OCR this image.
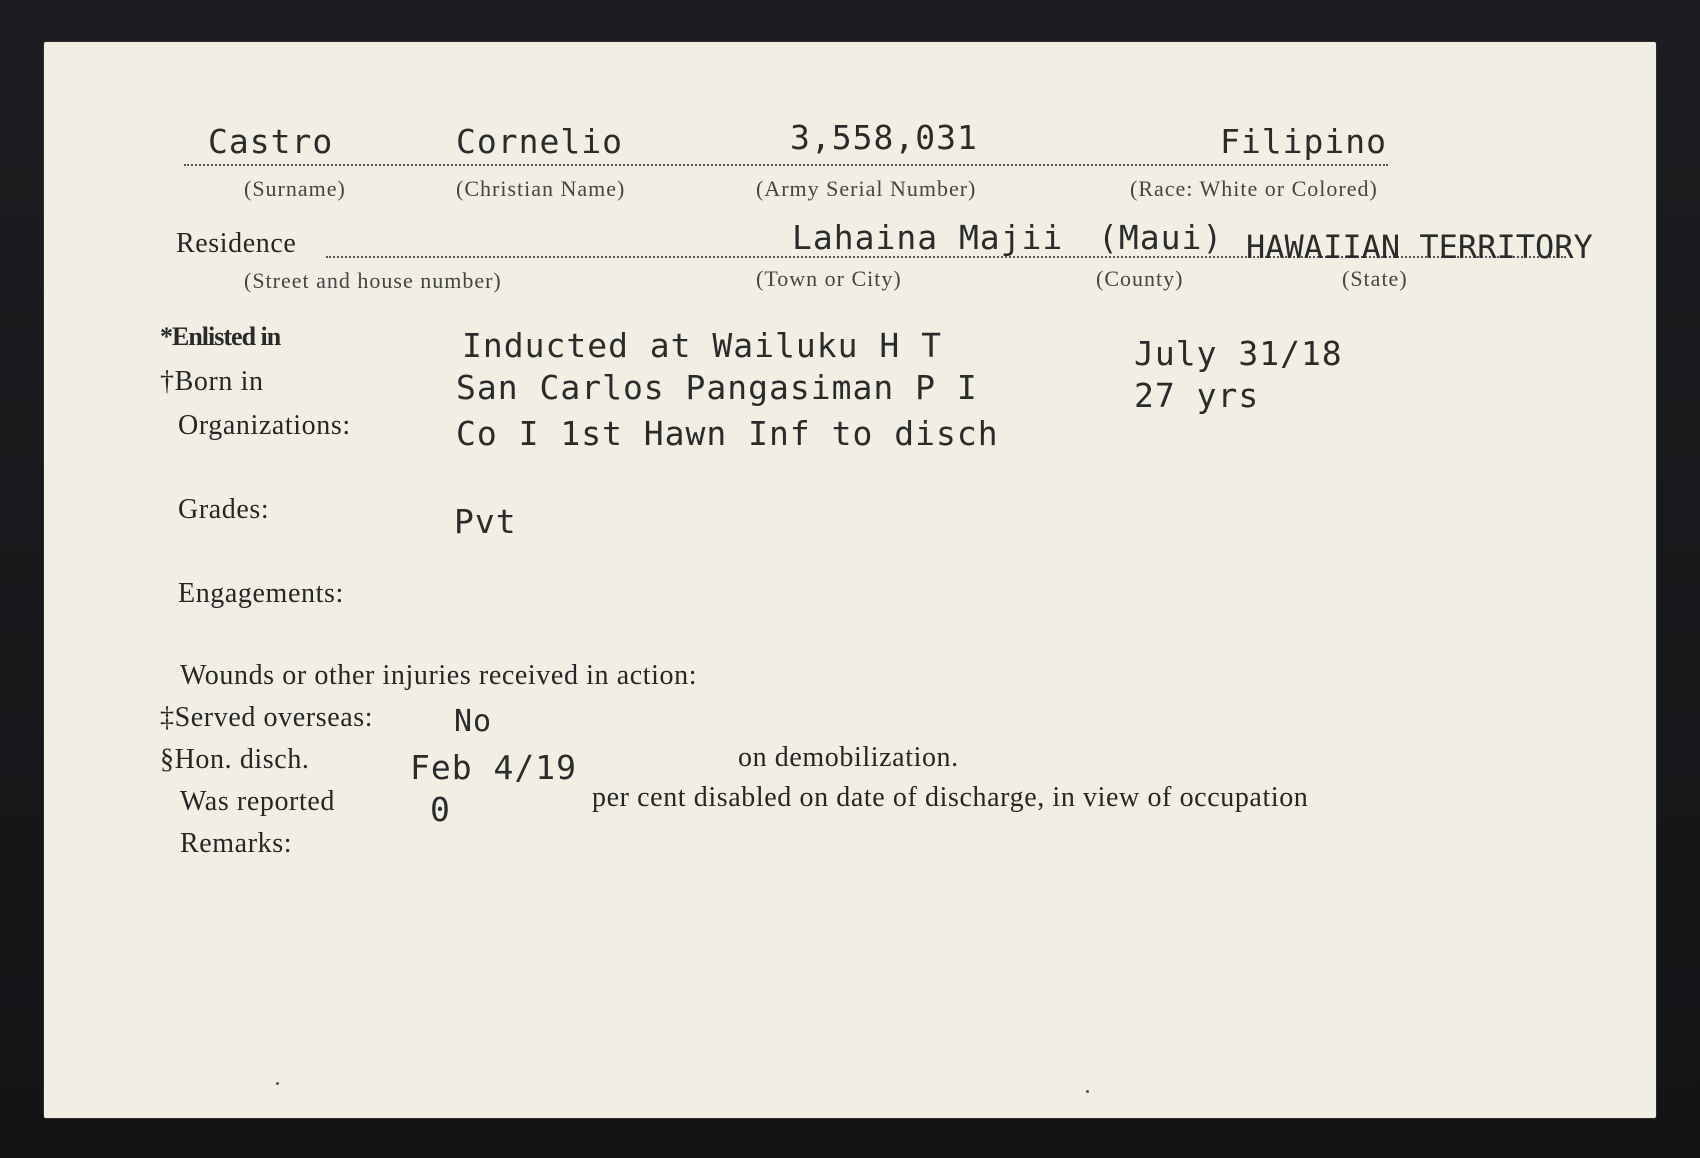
Castro	Cornelio	3,558,031	Filipino
(Surname)	(Christian Name)	(Army Serial Number)	(Race: White or Colored)
Residence	Lahaina Majii (Maui) HAWAIIAN TERRITORY
(Street and house number)	(Town or City)	(County)	(State)
*Enlisted in	Inducted at Wailuku H T	July 31/18
†Born in	San Carlos Pangasiman P I	27 yrs
Organizations:	Co I 1st Hawn Inf to disch
Grades:	Pvt
Engagements:
Wounds or other injuries received in action:
‡Served overseas:	No
§Hon. disch.	Feb 4/19	on demobilization.
Was reported	0	per cent disabled on date of discharge, in view of occupation
Remarks:
